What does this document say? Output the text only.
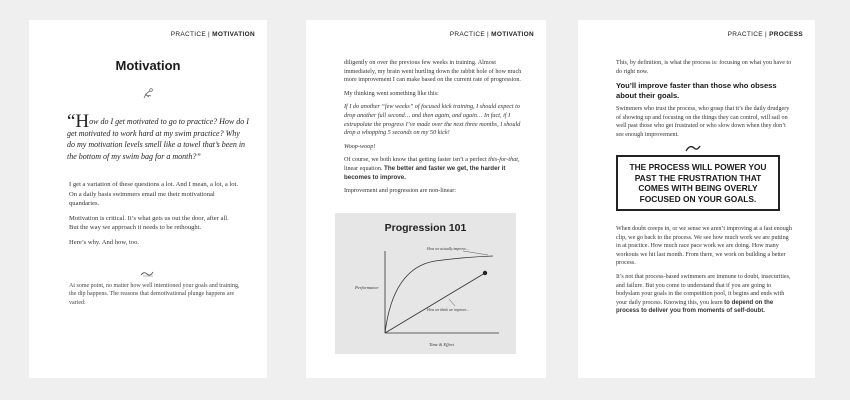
PRACTICE | MOTIVATION
Motivation
“How do I get motivated to go to practice? How do I get motivated to work hard at my swim practice? Why do my motivation levels smell like a towel that’s been in the bottom of my swim bag for a month?”

I get a variation of these questions a lot. And I mean, a lot, a lot. On a daily basis swimmers email me their motivational quandaries.

Motivation is critical. It’s what gets us out the door, after all. But the way we approach it needs to be rethought.

Here’s why. And how, too.

At some point, no matter how well intentioned your goals and training, the dip happens. The reasons that demotivational plunge happens are varied:
PRACTICE | MOTIVATION

diligently on over the previous few weeks in training. Almost immediately, my brain went hurtling down the rabbit hole of how much more improvement I can make based on the current rate of progression.

My thinking went something like this:

If I do another “few weeks” of focused kick training, I should expect to drop another full second… and then again, and again… In fact, if I extrapolate the progress I’ve made over the next three months, I should drop a whopping 5 seconds on my 50 kick!

Woop-woop!

Of course, we both know that getting faster isn’t a perfect this-for-that, linear equation. The better and faster we get, the harder it becomes to improve.

Improvement and progression are non-linear:

Progression 101
Performance
Time & Effort
How we actually improve...
How we think we improve...
PRACTICE | PROCESS

This, by definition, is what the process is: focusing on what you have to do right now.

You’ll improve faster than those who obsess about their goals.

Swimmers who trust the process, who grasp that it’s the daily drudgery of showing up and focusing on the things they can control, will sail on well past those who get frustrated or who slow down when they don’t see enough improvement.

THE PROCESS WILL POWER YOU PAST THE FRUSTRATION THAT COMES WITH BEING OVERLY FOCUSED ON YOUR GOALS.

When doubt creeps in, or we sense we aren’t improving at a fast enough clip, we go back to the process. We see how much work we are putting in at practice. How much race pace work we are doing. How many workouts we hit last month. From there, we work on building a better process.

It’s not that process-based swimmers are immune to doubt, insecurities, and failure. But you come to understand that if you are going to bodyslam your goals in the competition pool, it begins and ends with your daily process. Knowing this, you learn to depend on the process to deliver you from moments of self-doubt.
